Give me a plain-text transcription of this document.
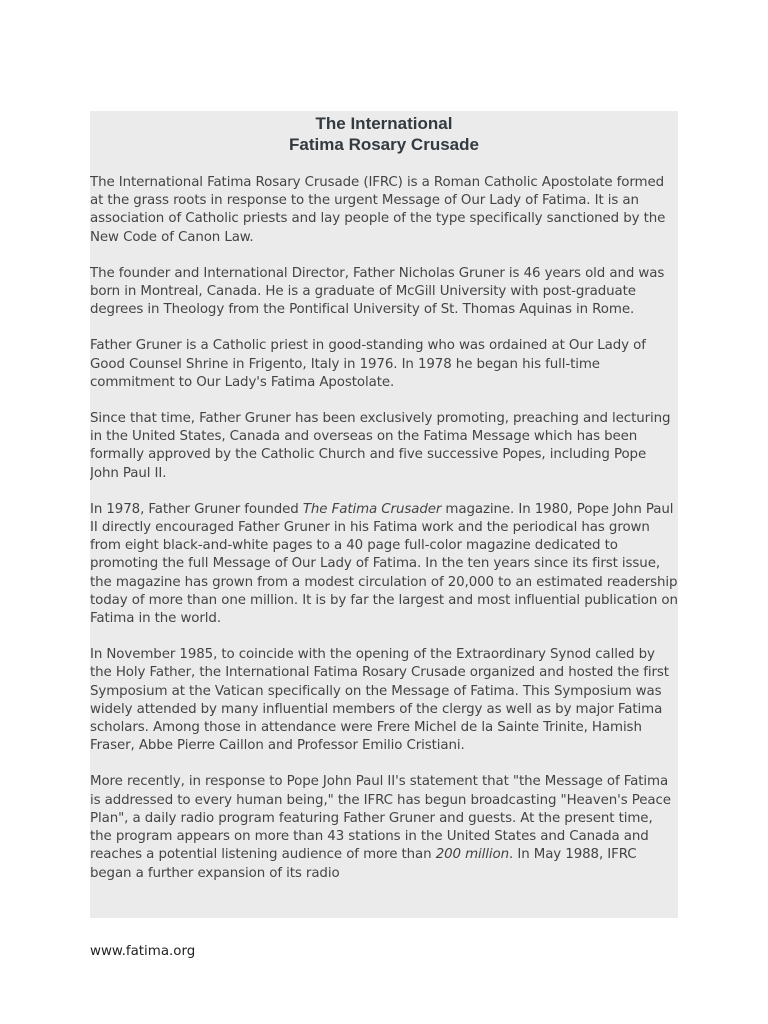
The International
Fatima Rosary Crusade

The International Fatima Rosary Crusade (IFRC) is a Roman Catholic Apostolate formed at the grass roots in response to the urgent Message of Our Lady of Fatima. It is an association of Catholic priests and lay people of the type specifically sanctioned by the New Code of Canon Law.

The founder and International Director, Father Nicholas Gruner is 46 years old and was born in Montreal, Canada. He is a graduate of McGill University with post-graduate degrees in Theology from the Pontifical University of St. Thomas Aquinas in Rome.

Father Gruner is a Catholic priest in good-standing who was ordained at Our Lady of Good Counsel Shrine in Frigento, Italy in 1976. In 1978 he began his full-time commitment to Our Lady's Fatima Apostolate.

Since that time, Father Gruner has been exclusively promoting, preaching and lecturing in the United States, Canada and overseas on the Fatima Message which has been formally approved by the Catholic Church and five successive Popes, including Pope John Paul II.

In 1978, Father Gruner founded The Fatima Crusader magazine. In 1980, Pope John Paul II directly encouraged Father Gruner in his Fatima work and the periodical has grown from eight black-and-white pages to a 40 page full-color magazine dedicated to promoting the full Message of Our Lady of Fatima. In the ten years since its first issue, the magazine has grown from a modest circulation of 20,000 to an estimated readership today of more than one million. It is by far the largest and most influential publication on Fatima in the world.

In November 1985, to coincide with the opening of the Extraordinary Synod called by the Holy Father, the International Fatima Rosary Crusade organized and hosted the first Symposium at the Vatican specifically on the Message of Fatima. This Symposium was widely attended by many influential members of the clergy as well as by major Fatima scholars. Among those in attendance were Frere Michel de la Sainte Trinite, Hamish Fraser, Abbe Pierre Caillon and Professor Emilio Cristiani.

More recently, in response to Pope John Paul II's statement that "the Message of Fatima is addressed to every human being," the IFRC has begun broadcasting "Heaven's Peace Plan", a daily radio program featuring Father Gruner and guests. At the present time, the program appears on more than 43 stations in the United States and Canada and reaches a potential listening audience of more than 200 million. In May 1988, IFRC began a further expansion of its radio

www.fatima.org
